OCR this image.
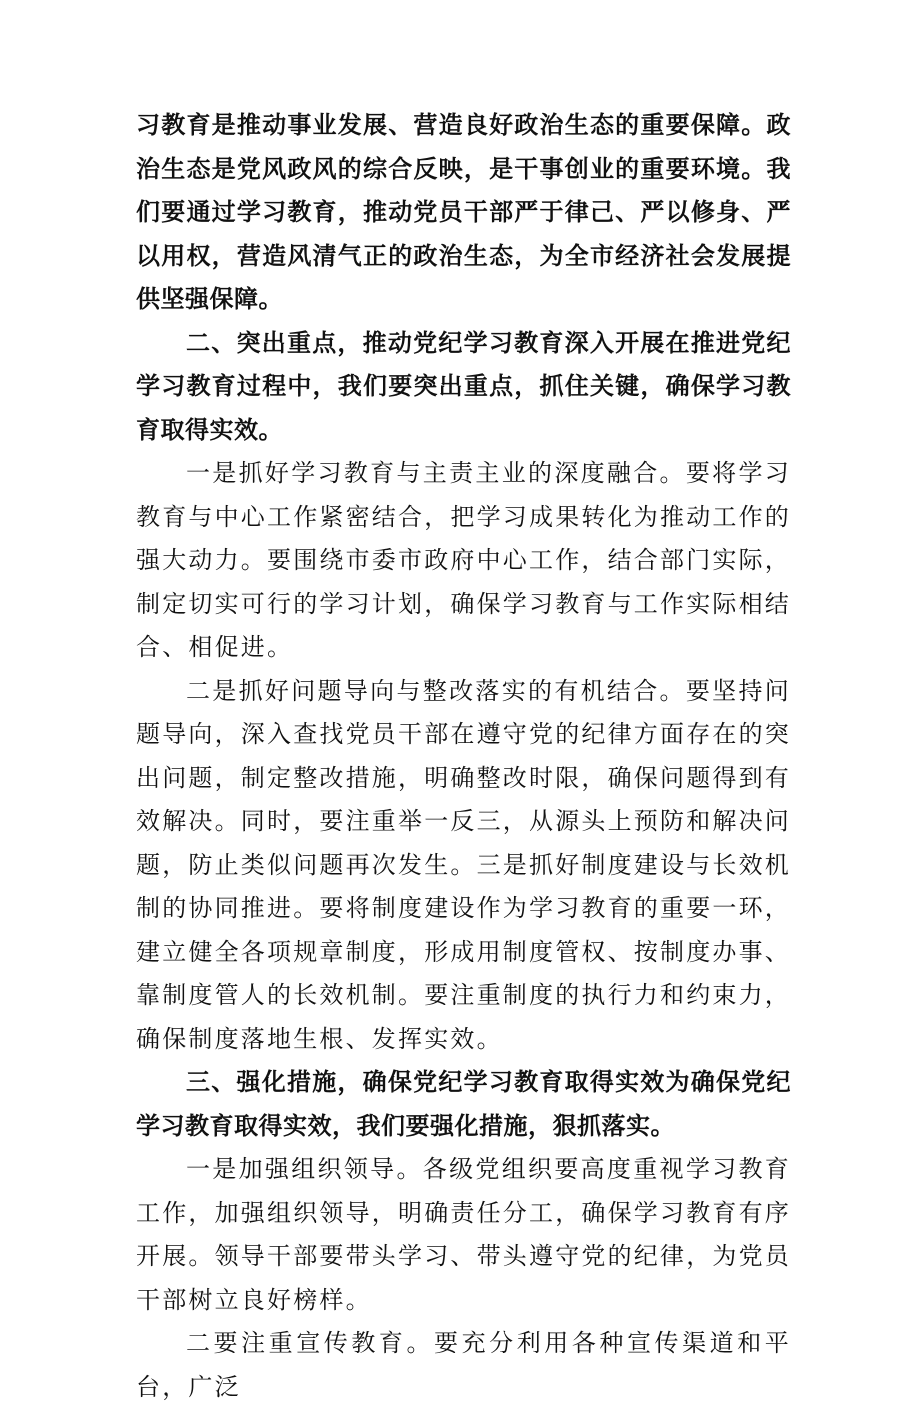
习教育是推动事业发展、营造良好政治生态的重要保障。政治生态是党风政风的综合反映，是干事创业的重要环境。我们要通过学习教育，推动党员干部严于律己、严以修身、严以用权，营造风清气正的政治生态，为全市经济社会发展提供坚强保障。

二、突出重点，推动党纪学习教育深入开展在推进党纪学习教育过程中，我们要突出重点，抓住关键，确保学习教育取得实效。

一是抓好学习教育与主责主业的深度融合。要将学习教育与中心工作紧密结合，把学习成果转化为推动工作的强大动力。要围绕市委市政府中心工作，结合部门实际，制定切实可行的学习计划，确保学习教育与工作实际相结合、相促进。

二是抓好问题导向与整改落实的有机结合。要坚持问题导向，深入查找党员干部在遵守党的纪律方面存在的突出问题，制定整改措施，明确整改时限，确保问题得到有效解决。同时，要注重举一反三，从源头上预防和解决问题，防止类似问题再次发生。三是抓好制度建设与长效机制的协同推进。要将制度建设作为学习教育的重要一环，建立健全各项规章制度，形成用制度管权、按制度办事、靠制度管人的长效机制。要注重制度的执行力和约束力，确保制度落地生根、发挥实效。

三、强化措施，确保党纪学习教育取得实效为确保党纪学习教育取得实效，我们要强化措施，狠抓落实。

一是加强组织领导。各级党组织要高度重视学习教育工作，加强组织领导，明确责任分工，确保学习教育有序开展。领导干部要带头学习、带头遵守党的纪律，为党员干部树立良好榜样。

二要注重宣传教育。要充分利用各种宣传渠道和平台，广泛
